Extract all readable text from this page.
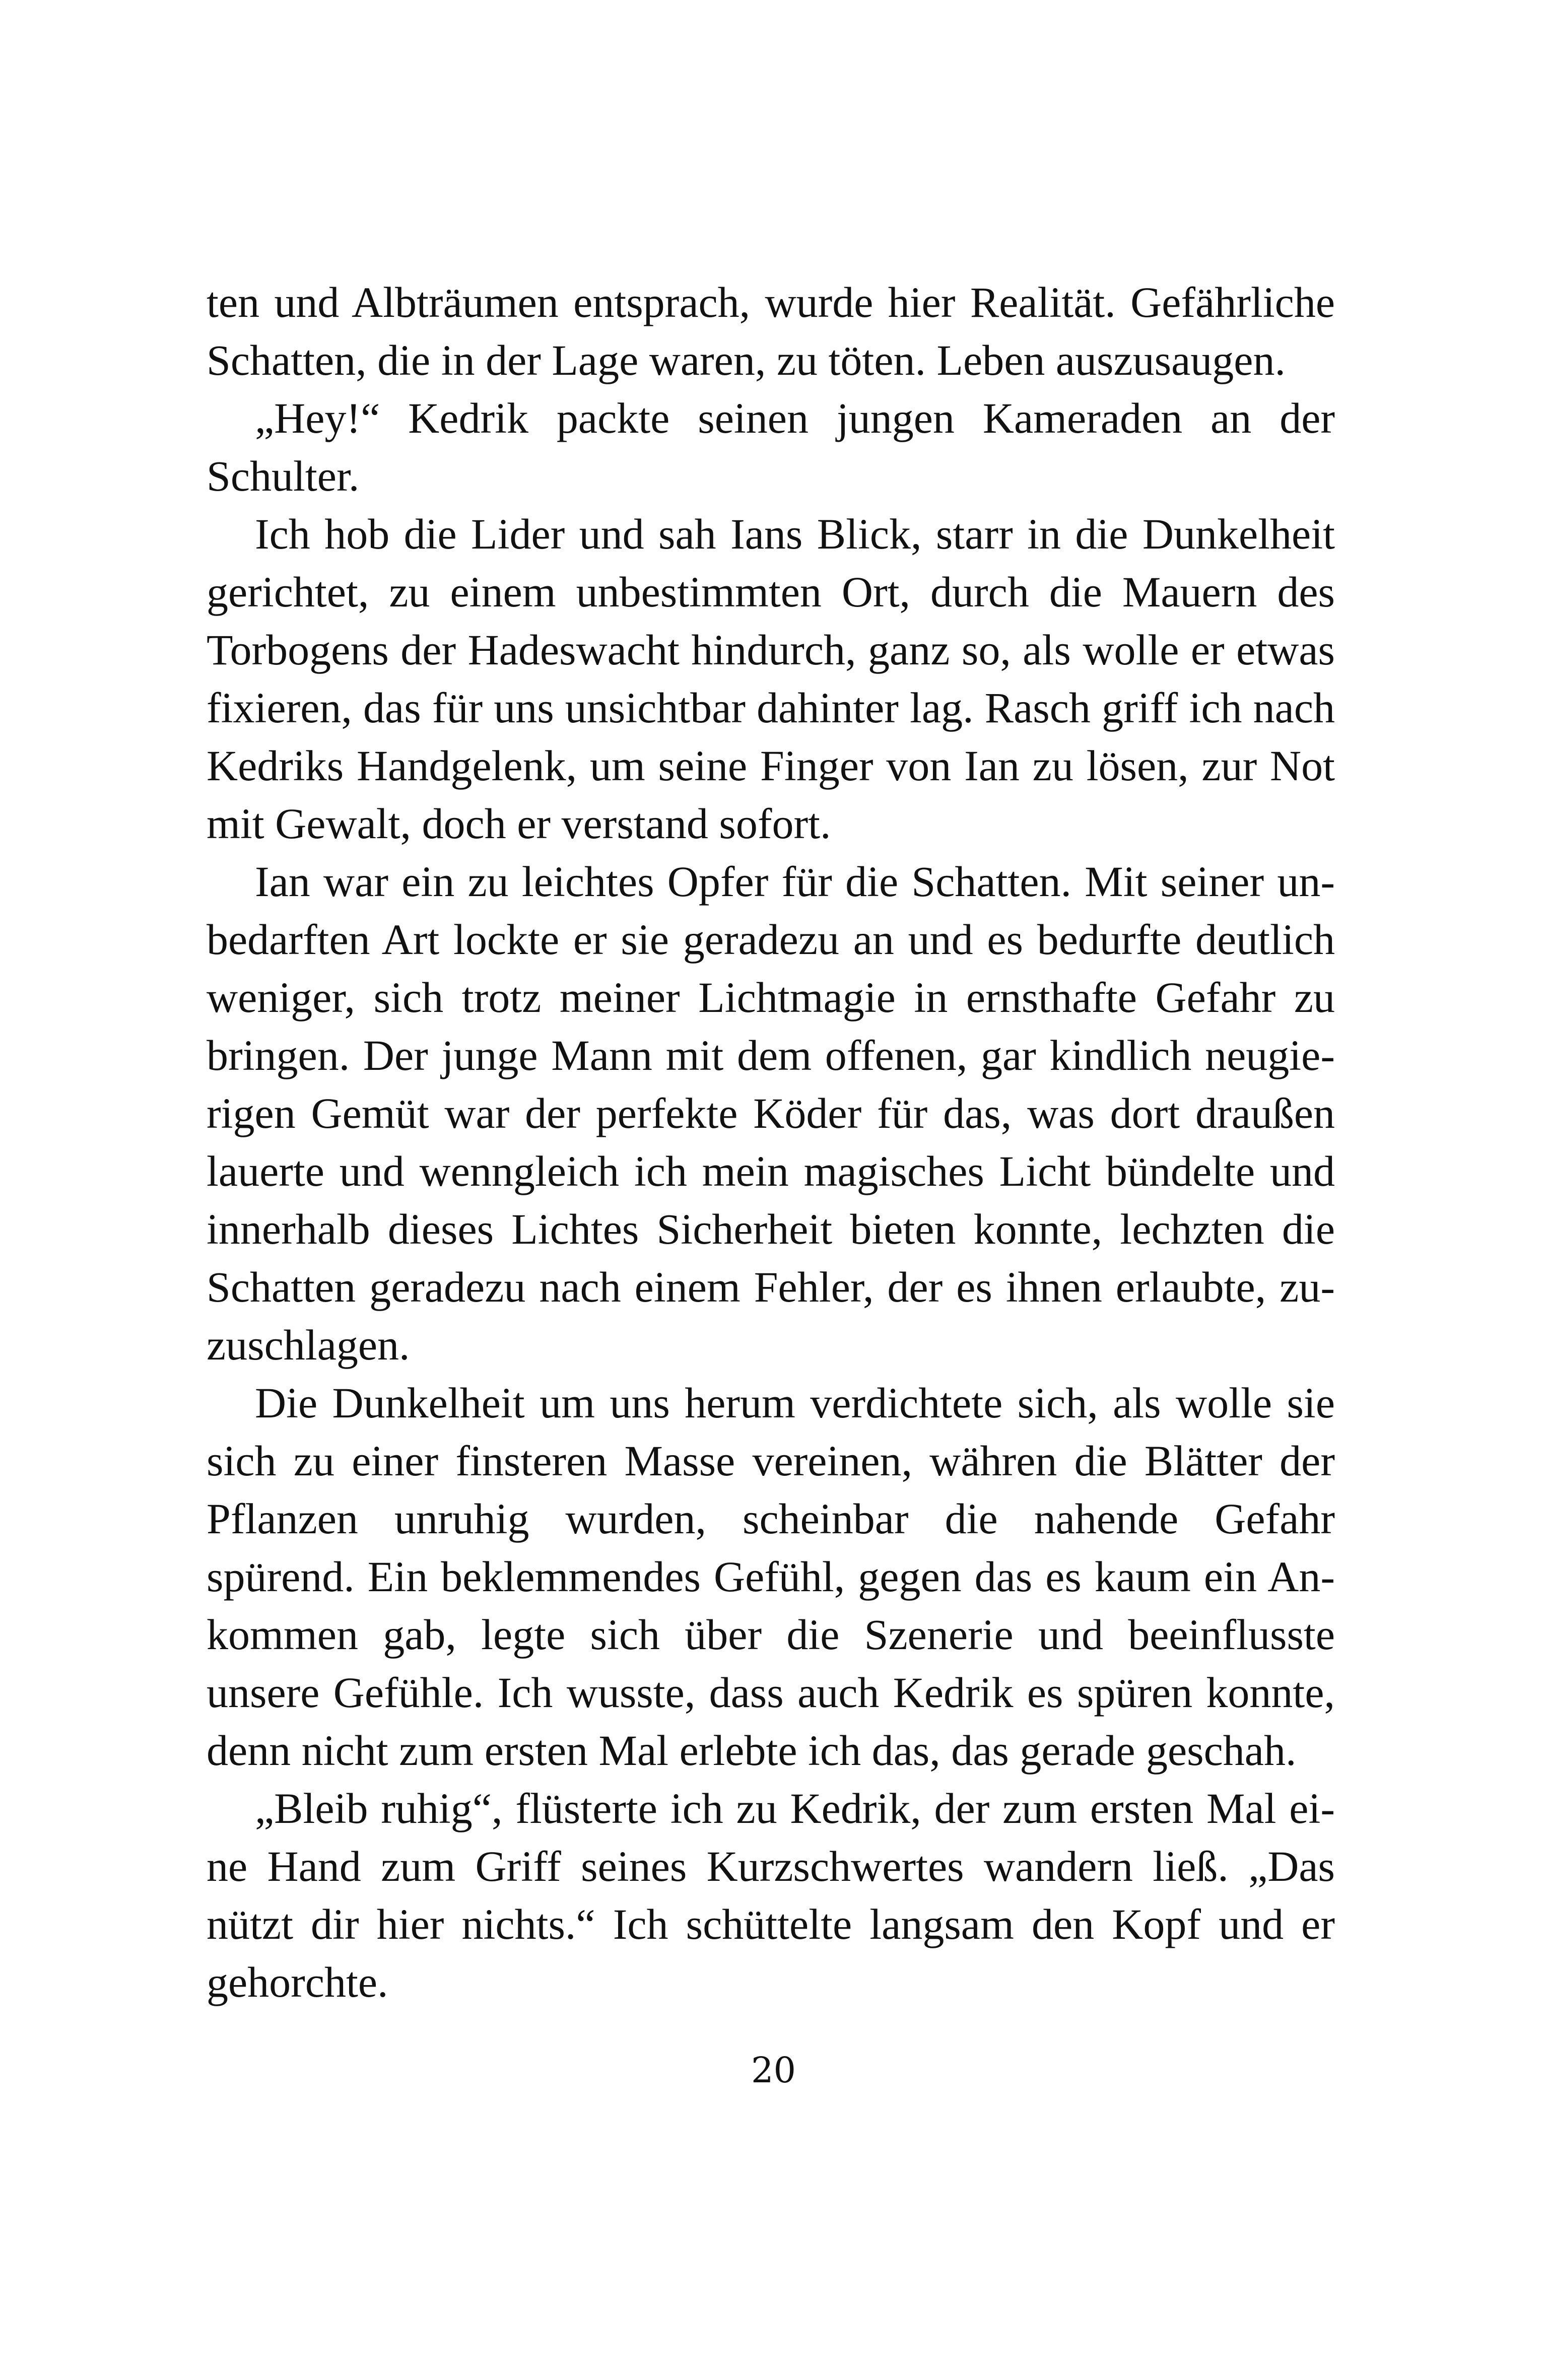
ten und Albträumen entsprach, wurde hier Realität. Gefährliche Schatten, die in der Lage waren, zu töten. Leben auszusaugen.

„Hey!“ Kedrik packte seinen jungen Kameraden an der Schulter.

Ich hob die Lider und sah Ians Blick, starr in die Dunkelheit gerichtet, zu einem unbestimmten Ort, durch die Mauern des Torbogens der Hadeswacht hindurch, ganz so, als wolle er etwas fixieren, das für uns unsichtbar dahinter lag. Rasch griff ich nach Kedriks Handgelenk, um seine Finger von Ian zu lösen, zur Not mit Gewalt, doch er verstand sofort.

Ian war ein zu leichtes Opfer für die Schatten. Mit seiner unbedarften Art lockte er sie geradezu an und es bedurfte deutlich weniger, sich trotz meiner Lichtmagie in ernsthafte Gefahr zu bringen. Der junge Mann mit dem offenen, gar kindlich neugierigen Gemüt war der perfekte Köder für das, was dort draußen lauerte und wenngleich ich mein magisches Licht bündelte und innerhalb dieses Lichtes Sicherheit bieten konnte, lechzten die Schatten geradezu nach einem Fehler, der es ihnen erlaubte, zuzuschlagen.

Die Dunkelheit um uns herum verdichtete sich, als wolle sie sich zu einer finsteren Masse vereinen, währen die Blätter der Pflanzen unruhig wurden, scheinbar die nahende Gefahr spürend. Ein beklemmendes Gefühl, gegen das es kaum ein Ankommen gab, legte sich über die Szenerie und beeinflusste unsere Gefühle. Ich wusste, dass auch Kedrik es spüren konnte, denn nicht zum ersten Mal erlebte ich das, das gerade geschah.

„Bleib ruhig“, flüsterte ich zu Kedrik, der zum ersten Mal eine Hand zum Griff seines Kurzschwertes wandern ließ. „Das nützt dir hier nichts.“ Ich schüttelte langsam den Kopf und er gehorchte.

20
